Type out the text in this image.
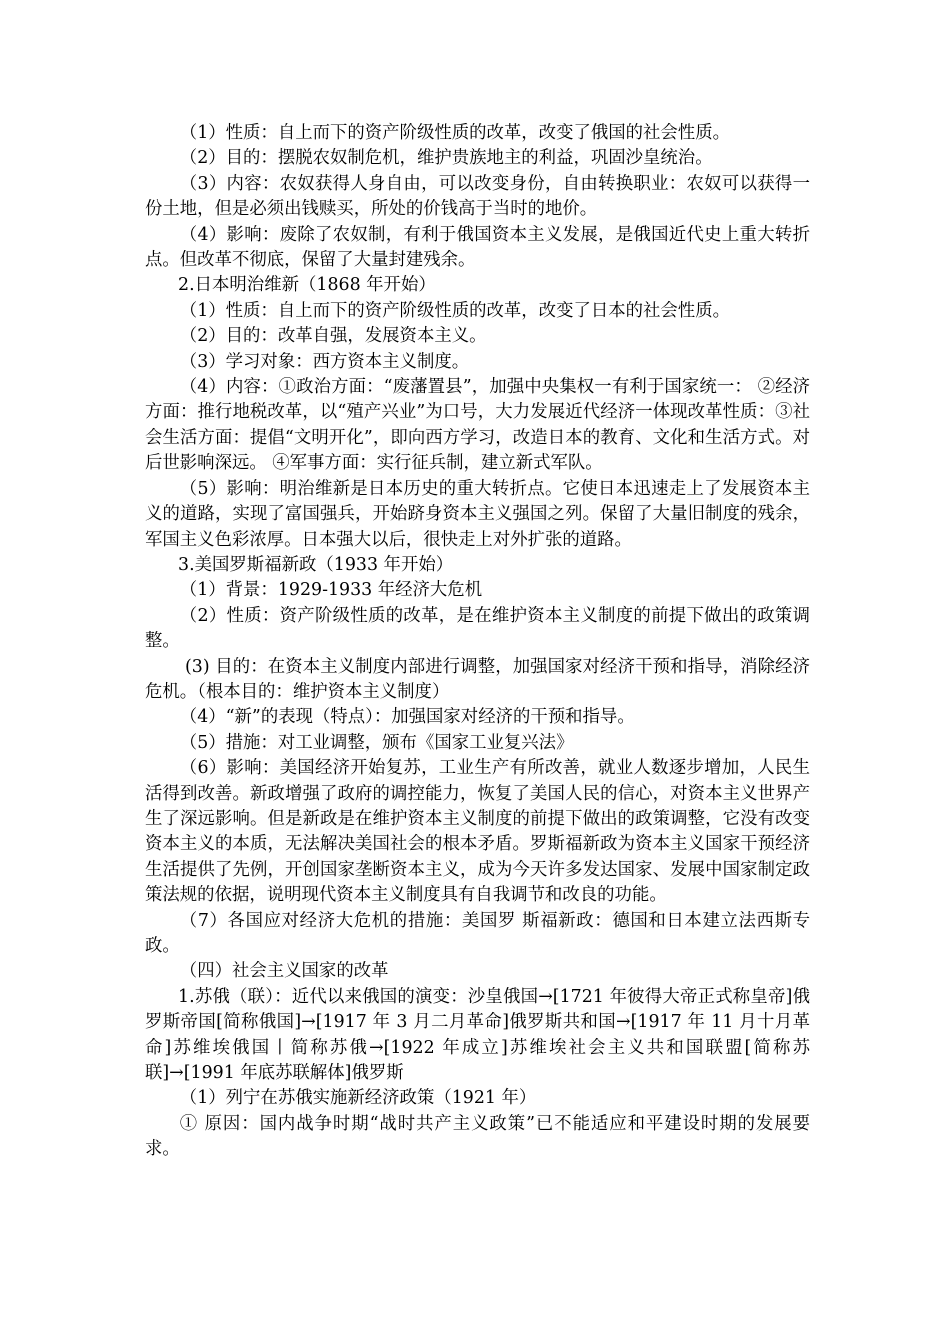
（1）性质：自上而下的资产阶级性质的改革，改变了俄国的社会性质。

（2）目的：摆脱农奴制危机，维护贵族地主的利益，巩固沙皇统治。

（3）内容：农奴获得人身自由，可以改变身份，自由转换职业：农奴可以获得一 份土地，但是必须出钱赎买，所处的价钱高于当时的地价。

（4）影响：废除了农奴制，有利于俄国资本主义发展，是俄国近代史上重大转折点。但改革不彻底，保留了大量封建残余。

2.日本明治维新（1868 年开始）

（1）性质：自上而下的资产阶级性质的改革，改变了日本的社会性质。

（2）目的：改革自强，发展资本主义。

（3）学习对象：西方资本主义制度。

（4）内容：①政治方面：“废藩置县”，加强中央集权一有利于国家统一： ②经济方面：推行地税改革，以“殖产兴业”为口号，大力发展近代经济一体现改革性质：③社会生活方面：提倡“文明开化”，即向西方学习，改造日本的教育、文化和生活方式。对后世影响深远。 ④军事方面：实行征兵制，建立新式军队。

（5）影响：明治维新是日本历史的重大转折点。它使日本迅速走上了发展资本主义的道路，实现了富国强兵，开始跻身资本主义强国之列。保留了大量旧制度的残余，军国主义色彩浓厚。日本强大以后，很快走上对外扩张的道路。

3.美国罗斯福新政（1933 年开始）

（1）背景：1929-1933 年经济大危机

（2）性质：资产阶级性质的改革，是在维护资本主义制度的前提下做出的政策调整。

(3) 目的：在资本主义制度内部进行调整，加强国家对经济干预和指导，消除经济危机。（根本目的：维护资本主义制度）

（4）“新”的表现（特点）：加强国家对经济的干预和指导。

（5）措施：对工业调整，颁布《国家工业复兴法》

（6）影响：美国经济开始复苏，工业生产有所改善，就业人数逐步增加，人民生活得到改善。新政增强了政府的调控能力，恢复了美国人民的信心，对资本主义世界产生了深远影响。但是新政是在维护资本主义制度的前提下做出的政策调整，它没有改变资本主义的本质，无法解决美国社会的根本矛盾。罗斯福新政为资本主义国家干预经济生活提供了先例，开创国家垄断资本主义，成为今天许多发达国家、发展中国家制定政策法规的依据，说明现代资本主义制度具有自我调节和改良的功能。

（7）各国应对经济大危机的措施：美国罗 斯福新政：德国和日本建立法西斯专政。

（四）社会主义国家的改革

1.苏俄（联）：近代以来俄国的演变：沙皇俄国→[1721 年彼得大帝正式称皇帝]俄罗斯帝国[简称俄国]→[1917 年 3 月二月革命]俄罗斯共和国→[1917 年 11 月十月革命]苏维埃俄国丨简称苏俄→[1922 年成立]苏维埃社会主义共和国联盟[简称苏联]→[1991 年底苏联解体]俄罗斯

（1）列宁在苏俄实施新经济政策（1921 年）

① 原因：国内战争时期“战时共产主义政策”已不能适应和平建设时期的发展要求。
